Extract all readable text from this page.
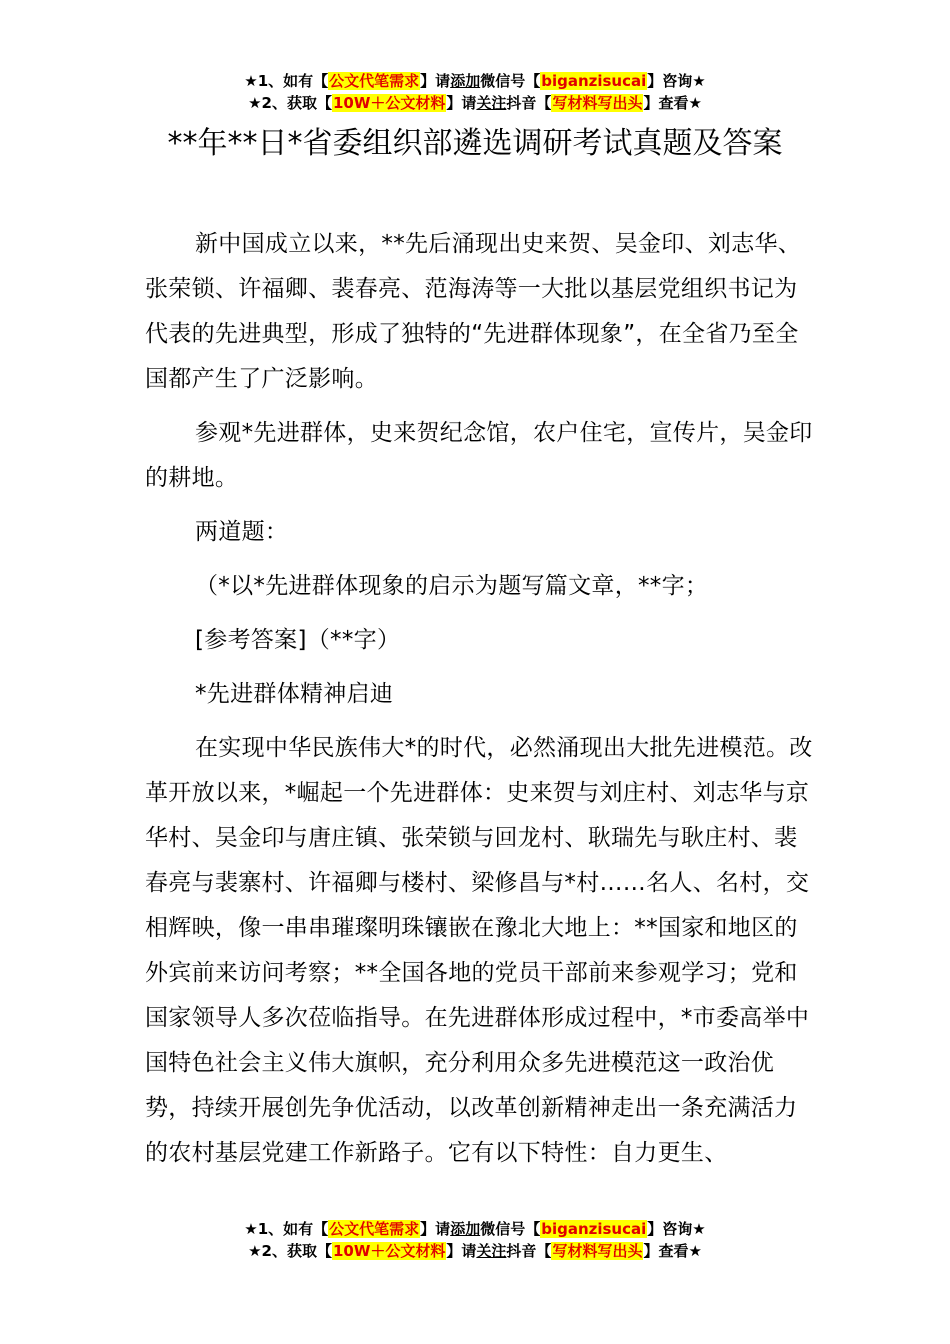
★1、如有【公文代笔需求】请添加微信号【biganzisucai】咨询★
★2、获取【10W＋公文材料】请关注抖音【写材料写出头】查看★
**年**日*省委组织部遴选调研考试真题及答案

新中国成立以来，**先后涌现出史来贺、吴金印、刘志华、张荣锁、许福卿、裴春亮、范海涛等一大批以基层党组织书记为代表的先进典型，形成了独特的“先进群体现象”，在全省乃至全国都产生了广泛影响。

参观*先进群体，史来贺纪念馆，农户住宅，宣传片，吴金印的耕地。

两道题：

（*以*先进群体现象的启示为题写篇文章，**字；

[参考答案]（**字）

*先进群体精神启迪

在实现中华民族伟大*的时代，必然涌现出大批先进模范。改革开放以来，*崛起一个先进群体：史来贺与刘庄村、刘志华与京华村、吴金印与唐庄镇、张荣锁与回龙村、耿瑞先与耿庄村、裴春亮与裴寨村、许福卿与楼村、梁修昌与*村……名人、名村，交相辉映，像一串串璀璨明珠镶嵌在豫北大地上：**国家和地区的外宾前来访问考察；**全国各地的党员干部前来参观学习；党和国家领导人多次莅临指导。在先进群体形成过程中，*市委高举中国特色社会主义伟大旗帜，充分利用众多先进模范这一政治优势，持续开展创先争优活动，以改革创新精神走出一条充满活力的农村基层党建工作新路子。它有以下特性：自力更生、

★1、如有【公文代笔需求】请添加微信号【biganzisucai】咨询★
★2、获取【10W＋公文材料】请关注抖音【写材料写出头】查看★
